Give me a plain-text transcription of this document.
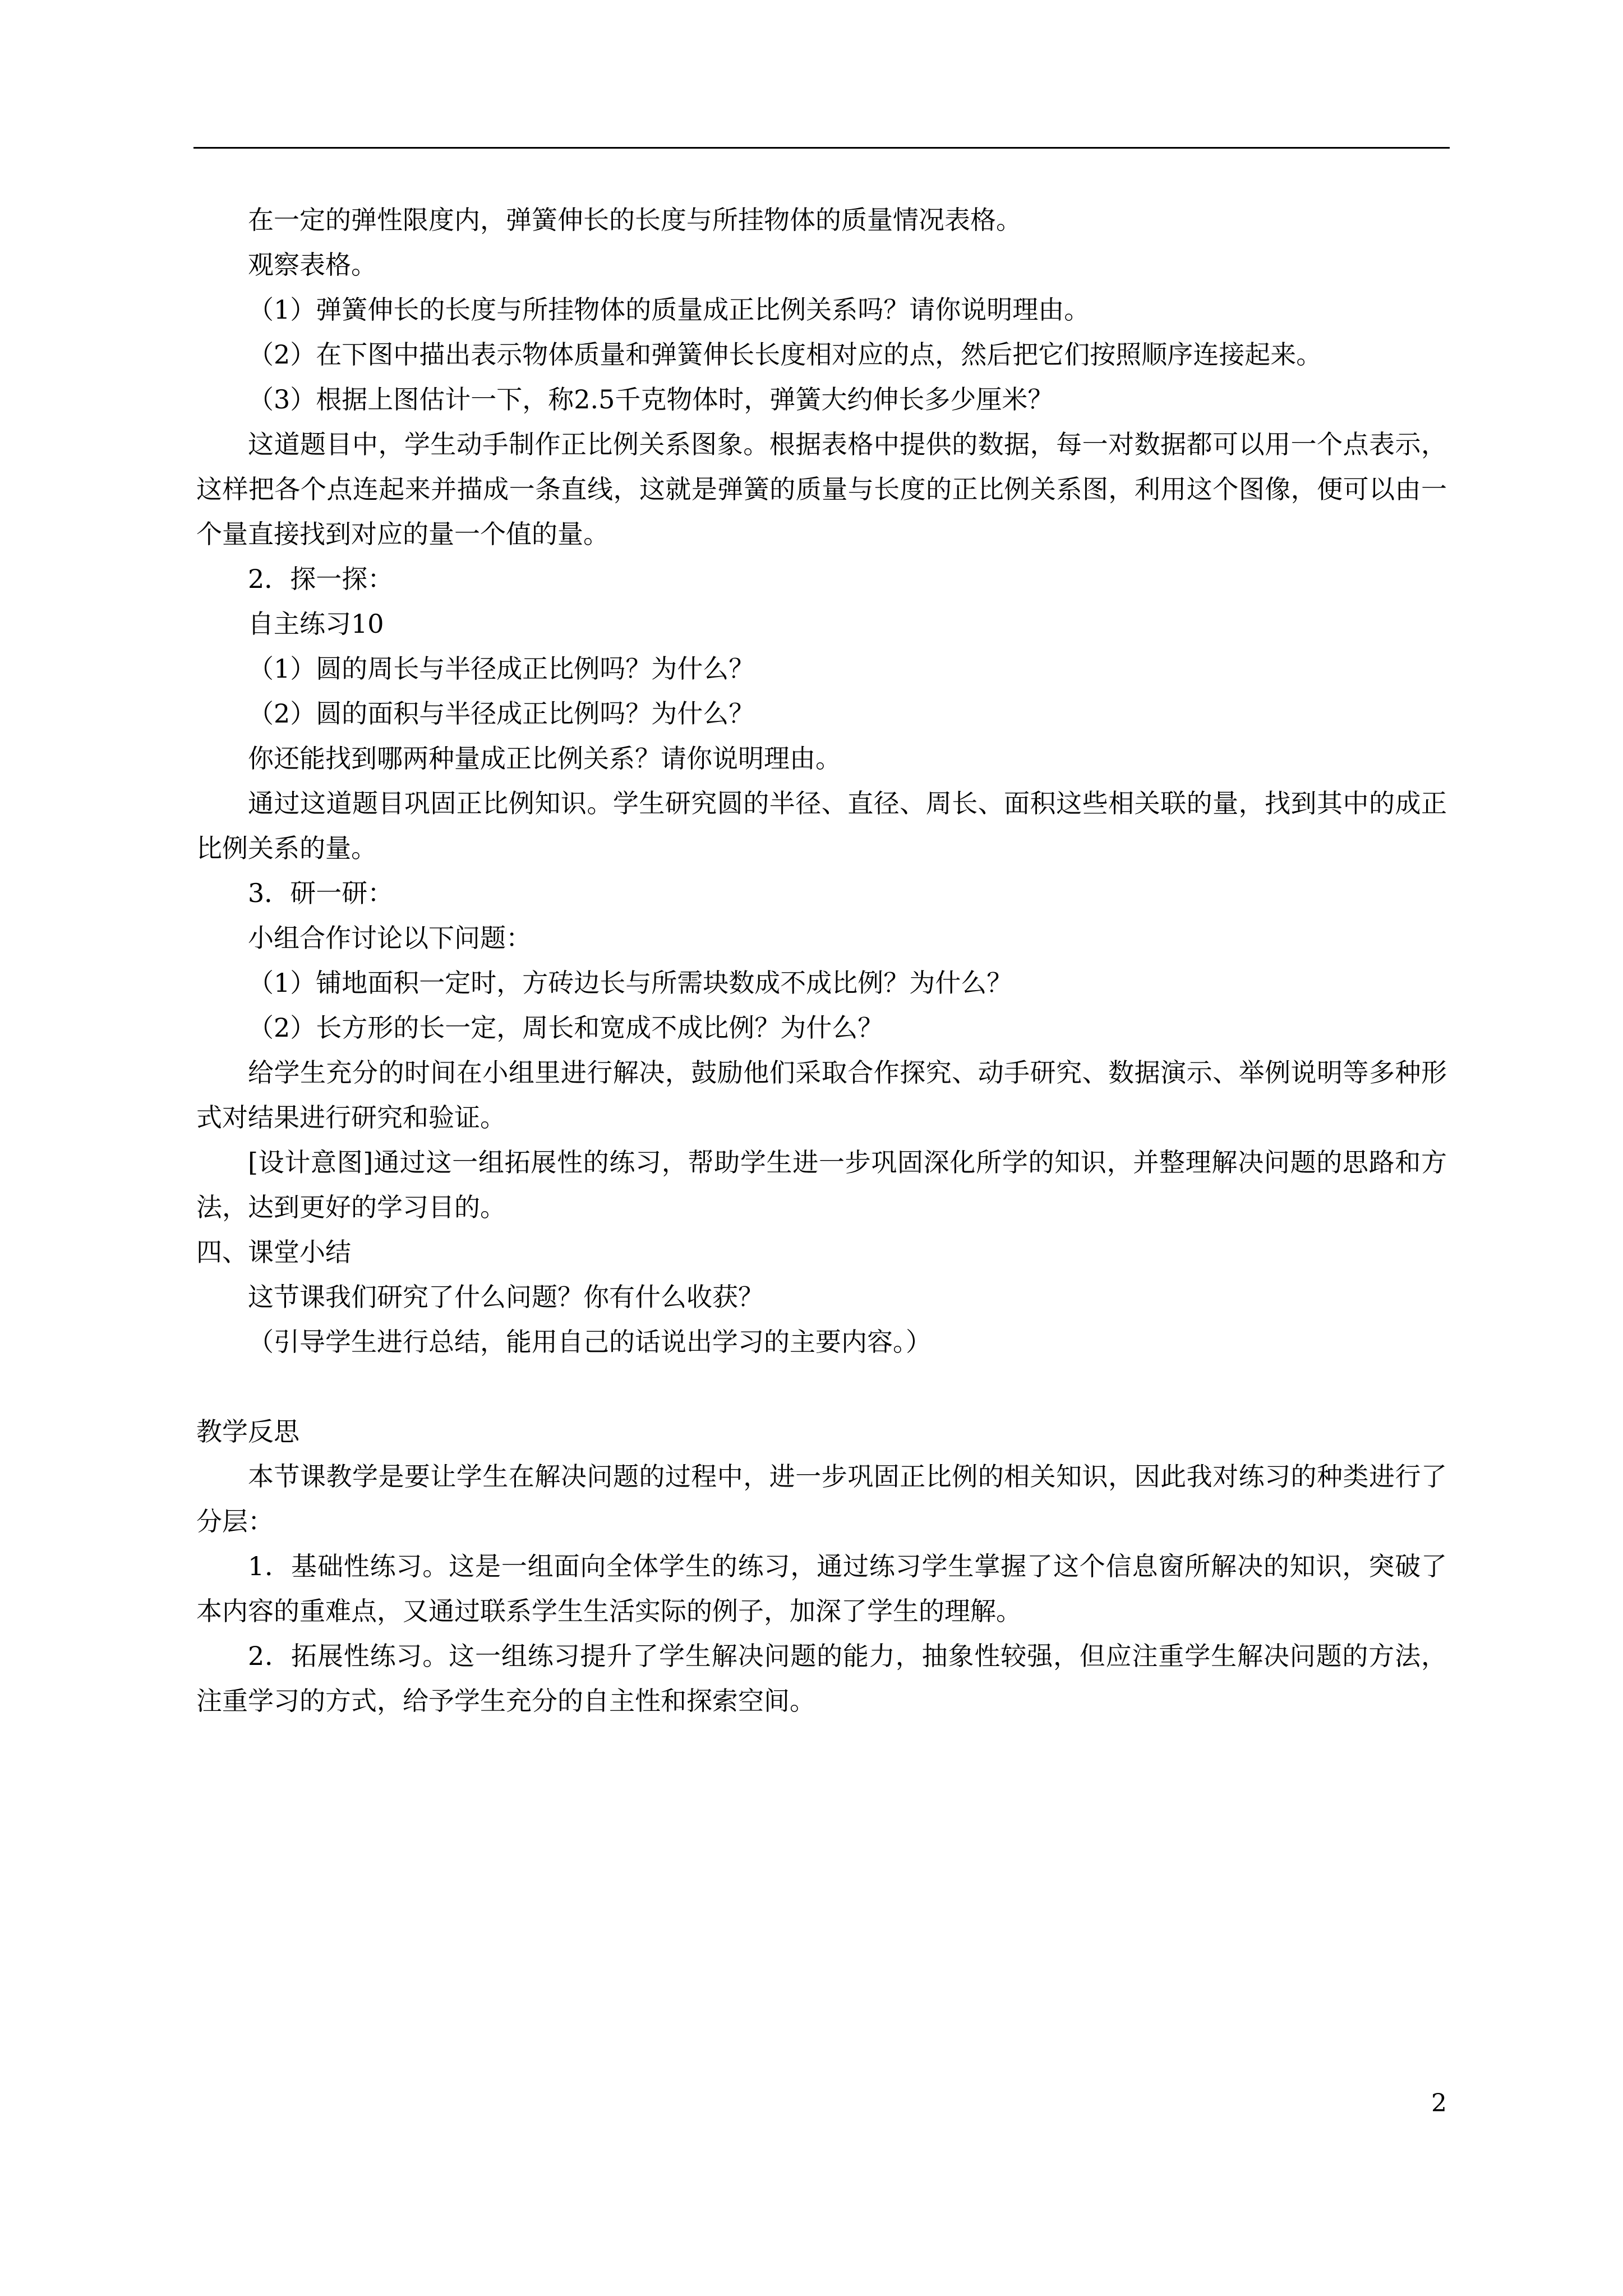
在一定的弹性限度内，弹簧伸长的长度与所挂物体的质量情况表格。

观察表格。

（1）弹簧伸长的长度与所挂物体的质量成正比例关系吗？请你说明理由。

（2）在下图中描出表示物体质量和弹簧伸长长度相对应的点，然后把它们按照顺序连接起来。

（3）根据上图估计一下，称2.5千克物体时，弹簧大约伸长多少厘米？

这道题目中，学生动手制作正比例关系图象。根据表格中提供的数据，每一对数据都可以用一个点表示，这样把各个点连起来并描成一条直线，这就是弹簧的质量与长度的正比例关系图，利用这个图像，便可以由一个量直接找到对应的量一个值的量。

2．探一探：

自主练习10

（1）圆的周长与半径成正比例吗？为什么？

（2）圆的面积与半径成正比例吗？为什么？

你还能找到哪两种量成正比例关系？请你说明理由。

通过这道题目巩固正比例知识。学生研究圆的半径、直径、周长、面积这些相关联的量，找到其中的成正比例关系的量。

3．研一研：

小组合作讨论以下问题：

（1）铺地面积一定时，方砖边长与所需块数成不成比例？为什么？

（2）长方形的长一定，周长和宽成不成比例？为什么？

给学生充分的时间在小组里进行解决，鼓励他们采取合作探究、动手研究、数据演示、举例说明等多种形式对结果进行研究和验证。

[设计意图]通过这一组拓展性的练习，帮助学生进一步巩固深化所学的知识，并整理解决问题的思路和方法，达到更好的学习目的。

四、课堂小结

这节课我们研究了什么问题？你有什么收获？

（引导学生进行总结，能用自己的话说出学习的主要内容。）

教学反思

本节课教学是要让学生在解决问题的过程中，进一步巩固正比例的相关知识，因此我对练习的种类进行了分层：

1．基础性练习。这是一组面向全体学生的练习，通过练习学生掌握了这个信息窗所解决的知识，突破了本内容的重难点，又通过联系学生生活实际的例子，加深了学生的理解。

2．拓展性练习。这一组练习提升了学生解决问题的能力，抽象性较强，但应注重学生解决问题的方法，注重学习的方式，给予学生充分的自主性和探索空间。

2
